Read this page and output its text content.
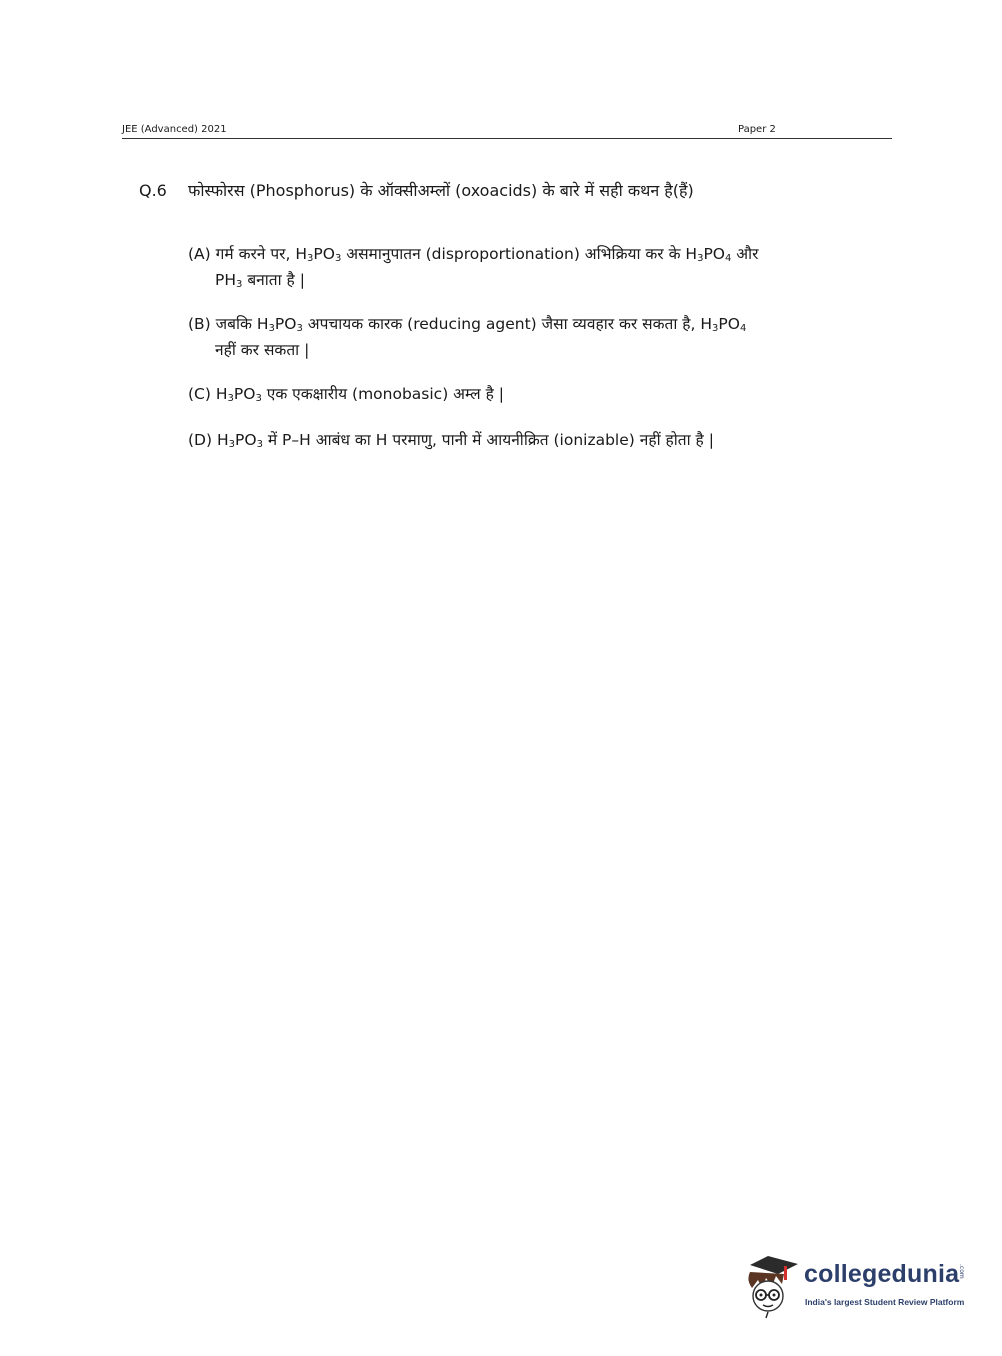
JEE (Advanced) 2021	Paper 2
Q.6 फोस्फोरस (Phosphorus) के ऑक्सीअम्लों (oxoacids) के बारे में सही कथन है(हैं)
(A) गर्म करने पर, $H_3PO_3$ असमानुपातन (disproportionation) अभिक्रिया कर के $H_3PO_4$ और
$PH_3$ बनाता है |
(B) जबकि $H_3PO_3$ अपचायक कारक (reducing agent) जैसा व्यवहार कर सकता है, $H_3PO_4$
नहीं कर सकता |
(C) $H_3PO_3$ एक एकक्षारीय (monobasic) अम्ल है |
(D) $H_3PO_3$ में P–H आबंध का H परमाणु, पानी में आयनीक्रित (ionizable) नहीं होता है |
collegedunia
.com
India's largest Student Review Platform
